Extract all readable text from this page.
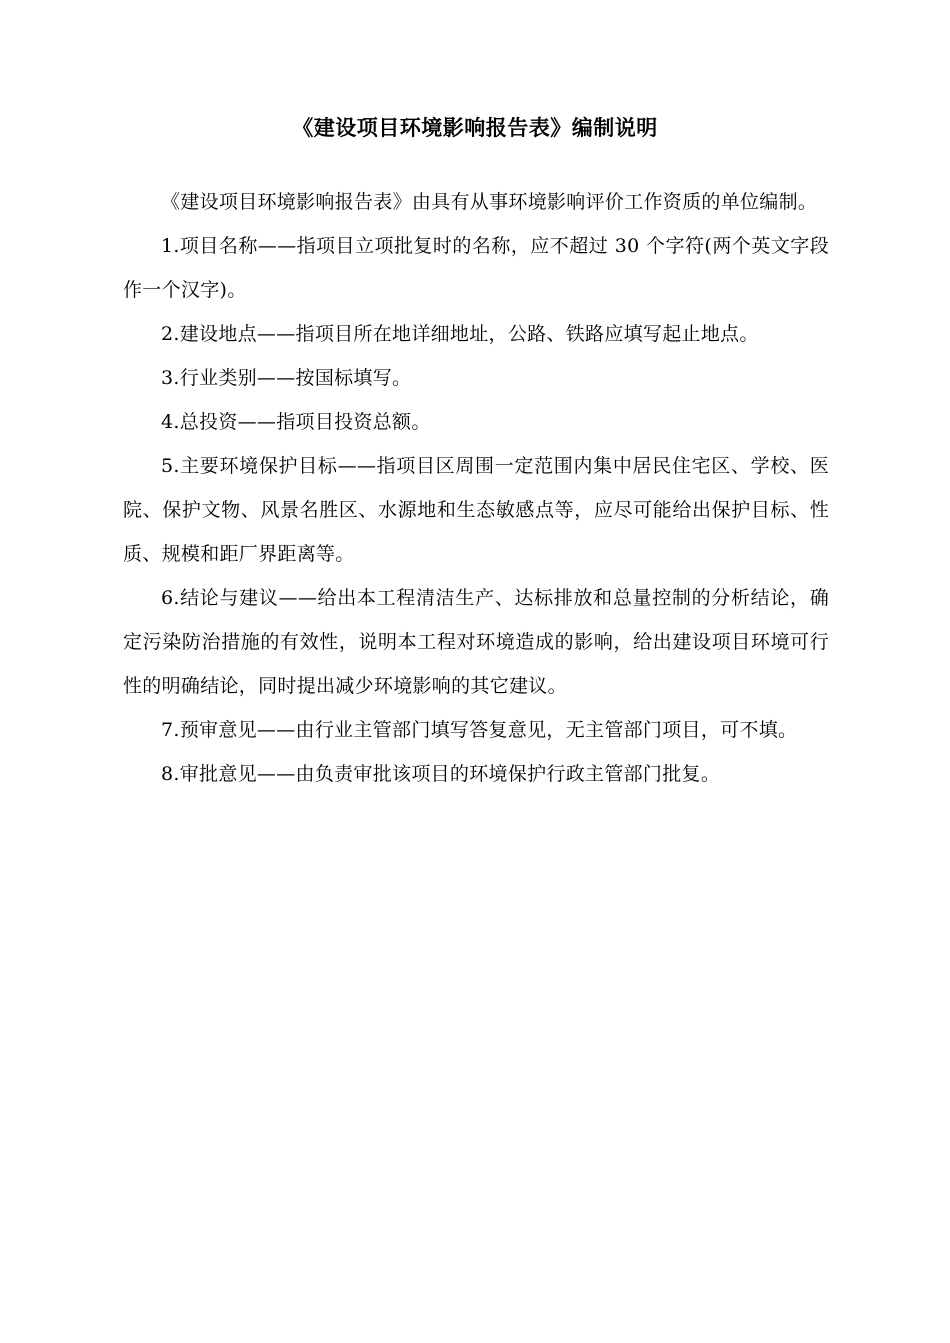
《建设项目环境影响报告表》编制说明

《建设项目环境影响报告表》由具有从事环境影响评价工作资质的单位编制。

1.项目名称——指项目立项批复时的名称，应不超过 30 个字符(两个英文字段作一个汉字)。

2.建设地点——指项目所在地详细地址，公路、铁路应填写起止地点。

3.行业类别——按国标填写。

4.总投资——指项目投资总额。

5.主要环境保护目标——指项目区周围一定范围内集中居民住宅区、学校、医院、保护文物、风景名胜区、水源地和生态敏感点等，应尽可能给出保护目标、性质、规模和距厂界距离等。

6.结论与建议——给出本工程清洁生产、达标排放和总量控制的分析结论，确定污染防治措施的有效性，说明本工程对环境造成的影响，给出建设项目环境可行性的明确结论，同时提出减少环境影响的其它建议。

7.预审意见——由行业主管部门填写答复意见，无主管部门项目，可不填。

8.审批意见——由负责审批该项目的环境保护行政主管部门批复。
